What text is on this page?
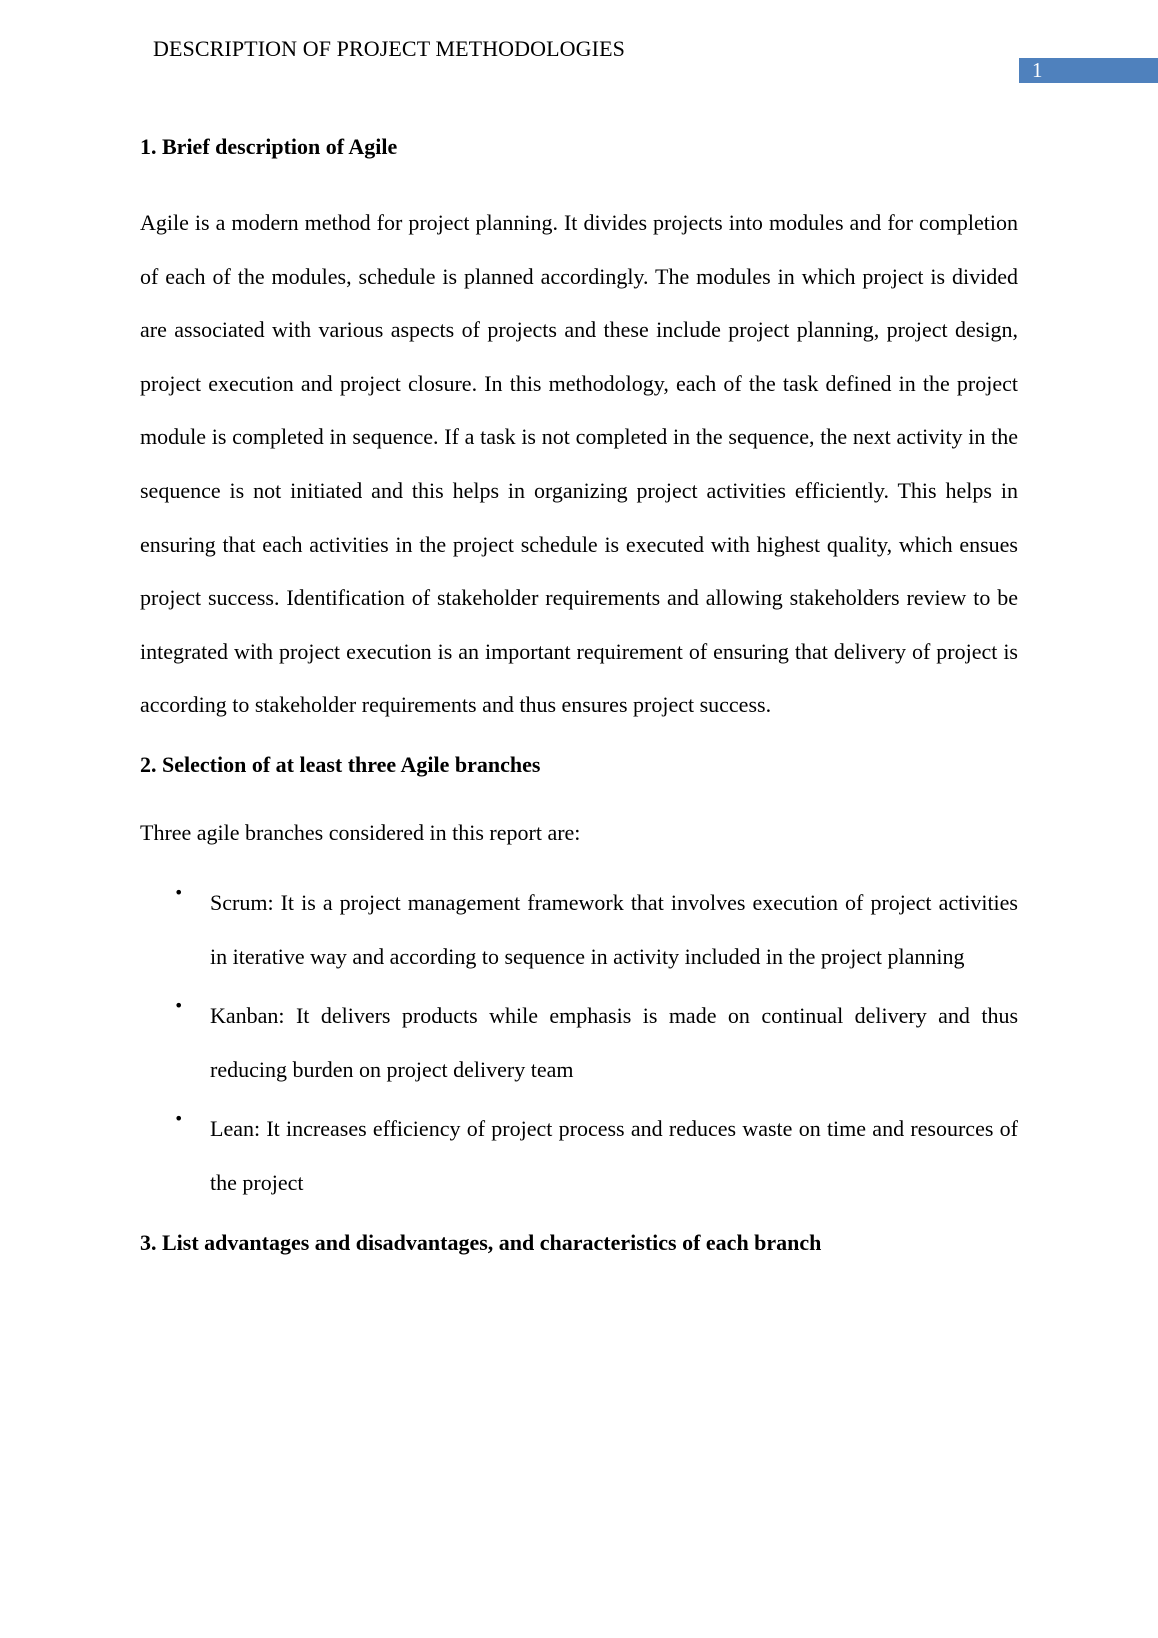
DESCRIPTION OF PROJECT METHODOLOGIES
1
1. Brief description of Agile

Agile is a modern method for project planning. It divides projects into modules and for completion of each of the modules, schedule is planned accordingly. The modules in which project is divided are associated with various aspects of projects and these include project planning, project design, project execution and project closure. In this methodology, each of the task defined in the project module is completed in sequence. If a task is not completed in the sequence, the next activity in the sequence is not initiated and this helps in organizing project activities efficiently. This helps in ensuring that each activities in the project schedule is executed with highest quality, which ensues project success. Identification of stakeholder requirements and allowing stakeholders review to be integrated with project execution is an important requirement of ensuring that delivery of project is according to stakeholder requirements and thus ensures project success.

2. Selection of at least three Agile branches

Three agile branches considered in this report are:

• Scrum: It is a project management framework that involves execution of project activities in iterative way and according to sequence in activity included in the project planning
• Kanban: It delivers products while emphasis is made on continual delivery and thus reducing burden on project delivery team
• Lean: It increases efficiency of project process and reduces waste on time and resources of the project
3. List advantages and disadvantages, and characteristics of each branch
